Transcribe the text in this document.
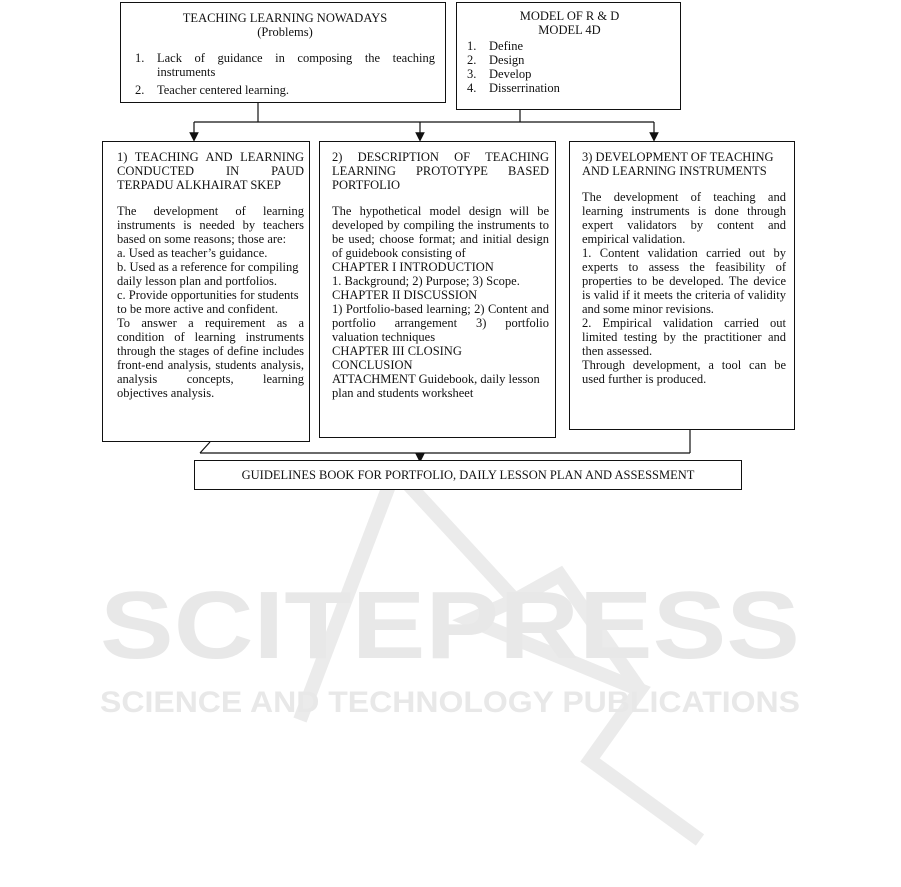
SCITEPRESS
SCIENCE AND TECHNOLOGY PUBLICATIONS

TEACHING LEARNING NOWADAYS

(Problems)

1.	Lack of guidance in composing the teaching instruments
2.	Teacher centered learning.

MODEL OF R & D

MODEL 4D

1.	Define
2.	Design
3.	Develop
4.	Disserrination

1) TEACHING AND LEARNING CONDUCTED IN PAUD TERPADU ALKHAIRAT SKEP

The development of learning instruments is needed by teachers based on some reasons; those are:

a. Used as teacher’s guidance.

b. Used as a reference for compiling daily lesson plan and portfolios.

c. Provide opportunities for students to be more active and confident.

To answer a requirement as a condition of learning instruments through the stages of define includes front-end analysis, students analysis, analysis concepts, learning objectives analysis.

2) DESCRIPTION OF TEACHING LEARNING PROTOTYPE BASED PORTFOLIO

The hypothetical model design will be developed by compiling the instruments to be used; choose format; and initial design of guidebook consisting of

CHAPTER I INTRODUCTION

1. Background; 2) Purpose; 3) Scope.

CHAPTER II DISCUSSION

1) Portfolio-based learning; 2) Content and portfolio arrangement 3) portfolio valuation techniques

CHAPTER III CLOSING

CONCLUSION

ATTACHMENT Guidebook, daily lesson plan and students worksheet

3) DEVELOPMENT OF TEACHING AND LEARNING INSTRUMENTS

The development of teaching and learning instruments is done through expert validators by content and empirical validation.

1. Content validation carried out by experts to assess the feasibility of properties to be developed. The device is valid if it meets the criteria of validity and some minor revisions.

2. Empirical validation carried out limited testing by the practitioner and then assessed.

Through development, a tool can be used further is produced.

GUIDELINES BOOK FOR PORTFOLIO, DAILY LESSON PLAN AND ASSESSMENT
